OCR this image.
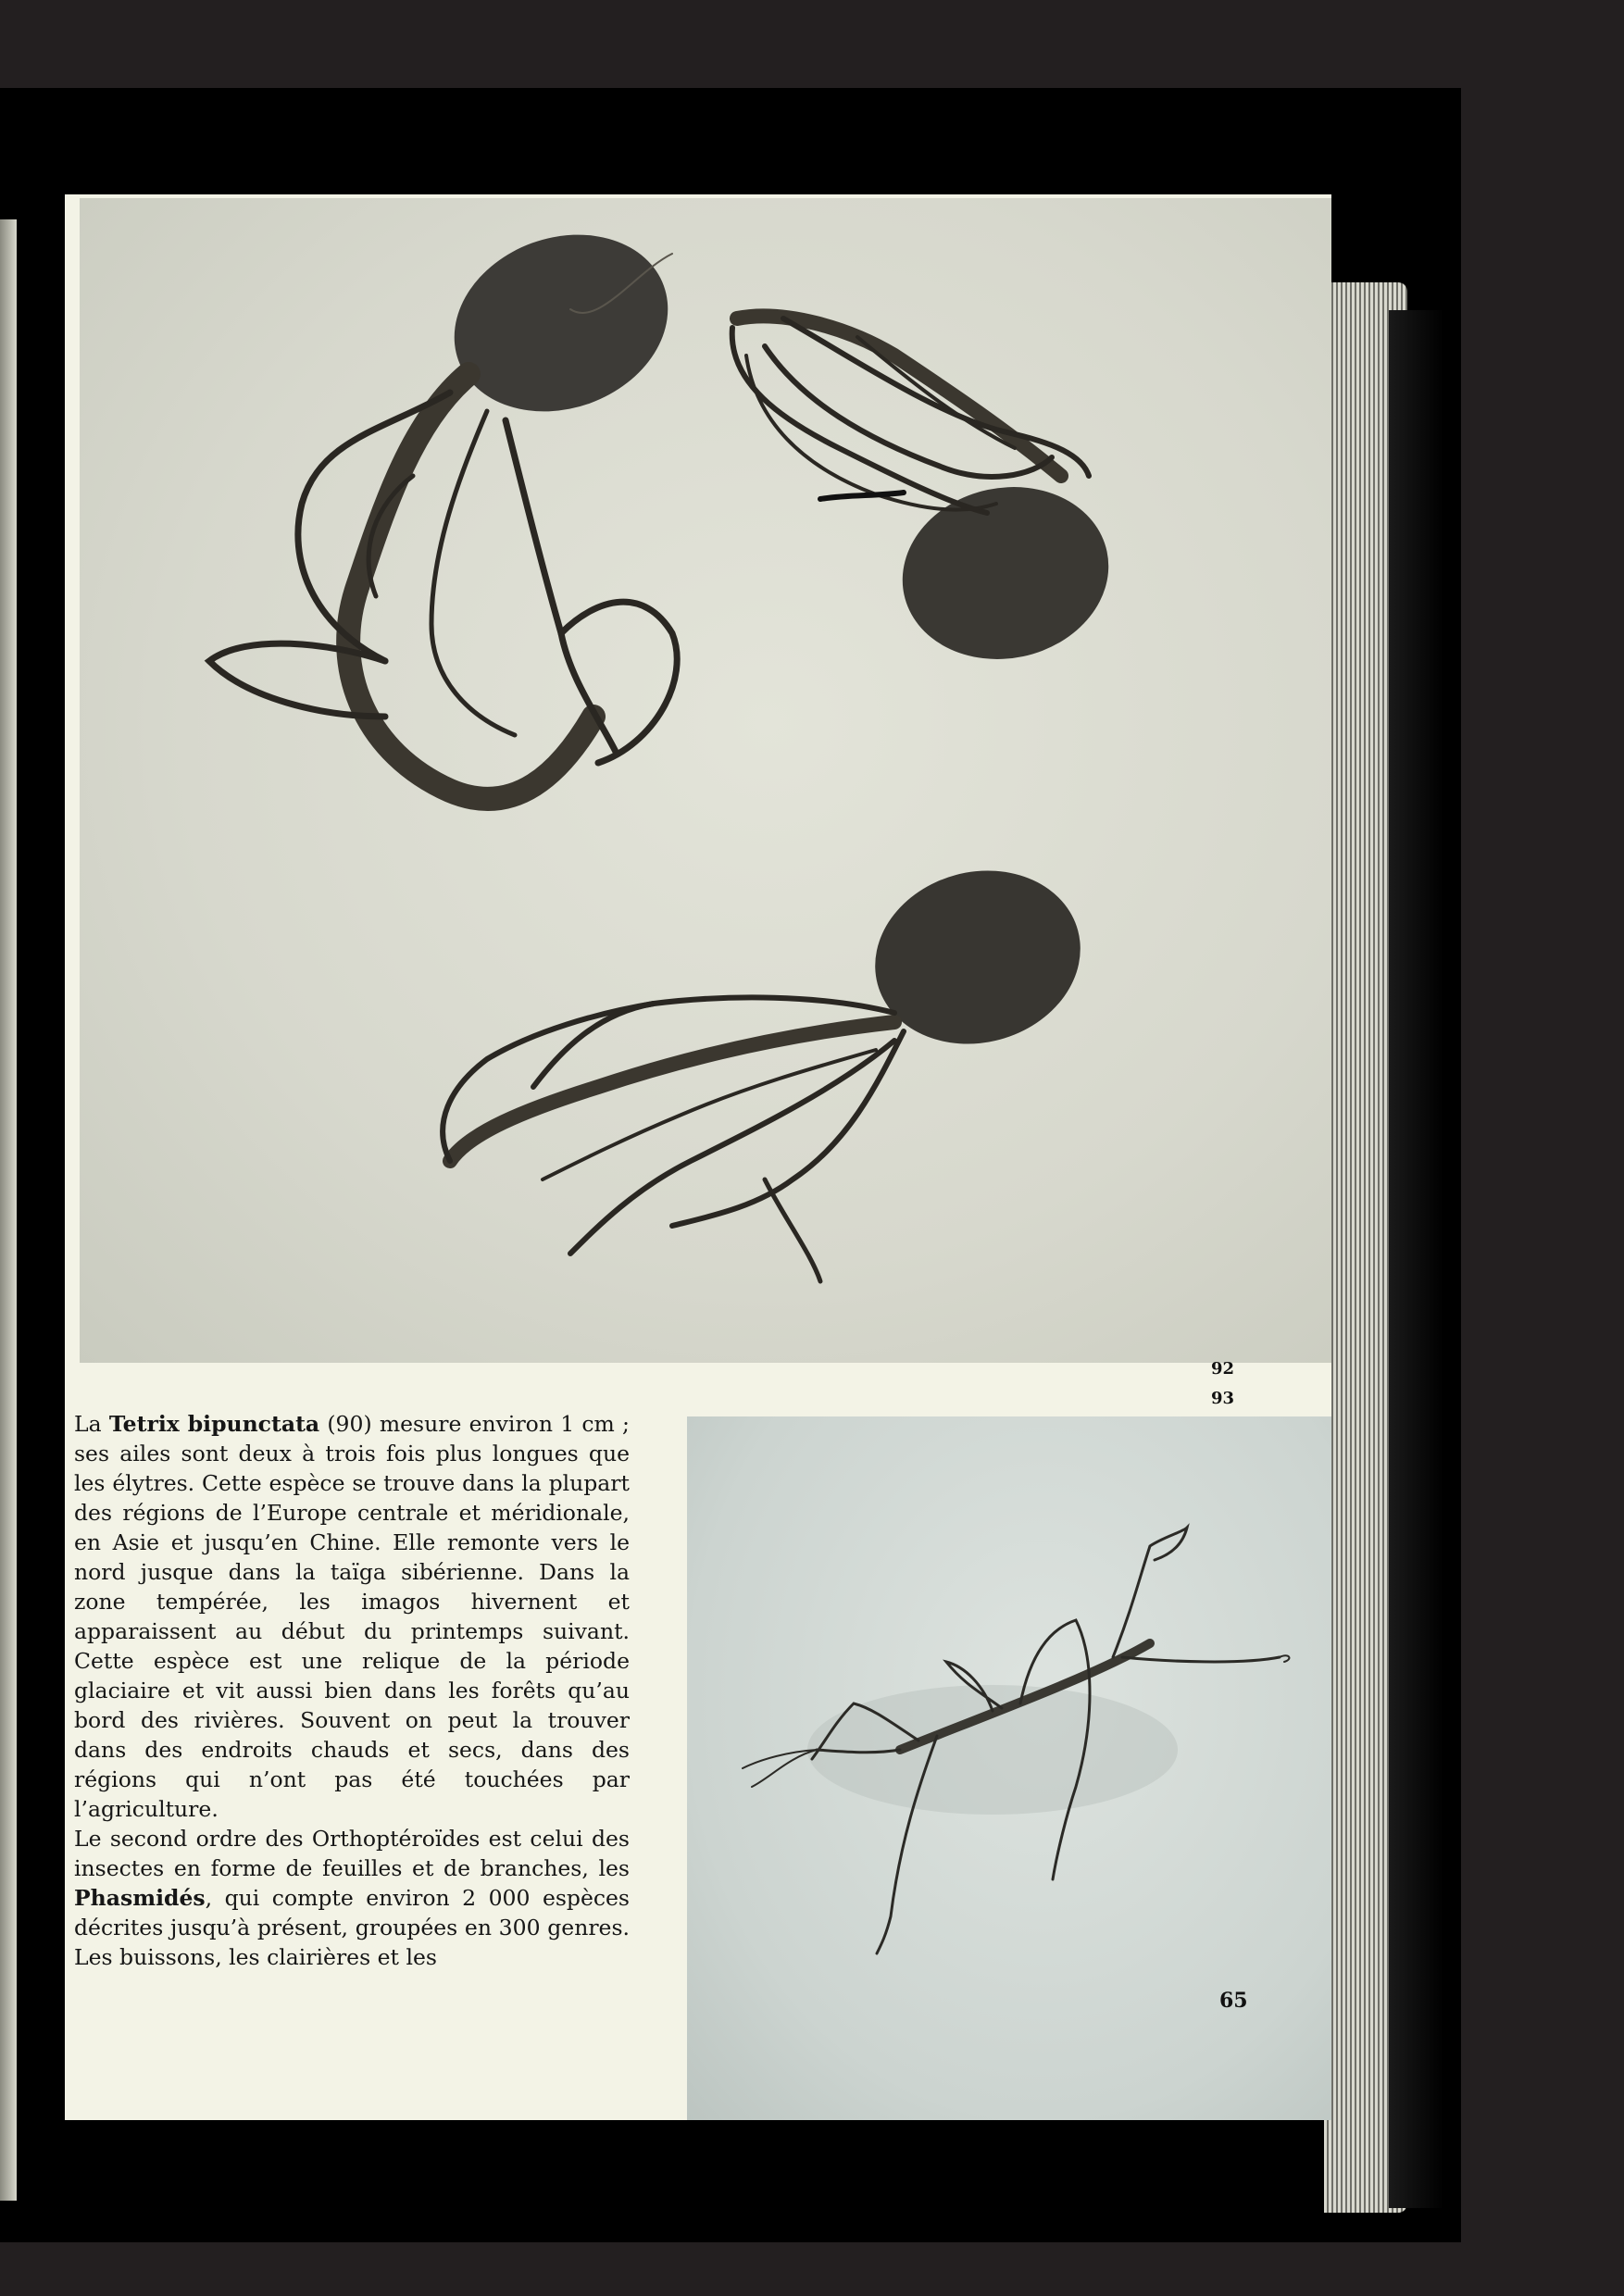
92
93

La Tetrix bipunctata (90) mesure environ 1 cm ; ses ailes sont deux à trois fois plus longues que les élytres. Cette espèce se trouve dans la plupart des régions de l’Europe centrale et méridionale, en Asie et jusqu’en Chine. Elle remonte vers le nord jusque dans la taïga sibérienne. Dans la zone tempérée, les imagos hivernent et apparaissent au début du printemps suivant. Cette espèce est une relique de la période glaciaire et vit aussi bien dans les forêts qu’au bord des rivières. Souvent on peut la trouver dans des endroits chauds et secs, dans des régions qui n’ont pas été touchées par l’agriculture.

Le second ordre des Orthoptéroïdes est celui des insectes en forme de feuilles et de branches, les Phasmidés, qui compte environ 2 000 espèces décrites jusqu’à présent, groupées en 300 genres. Les buissons, les clairières et les

65
